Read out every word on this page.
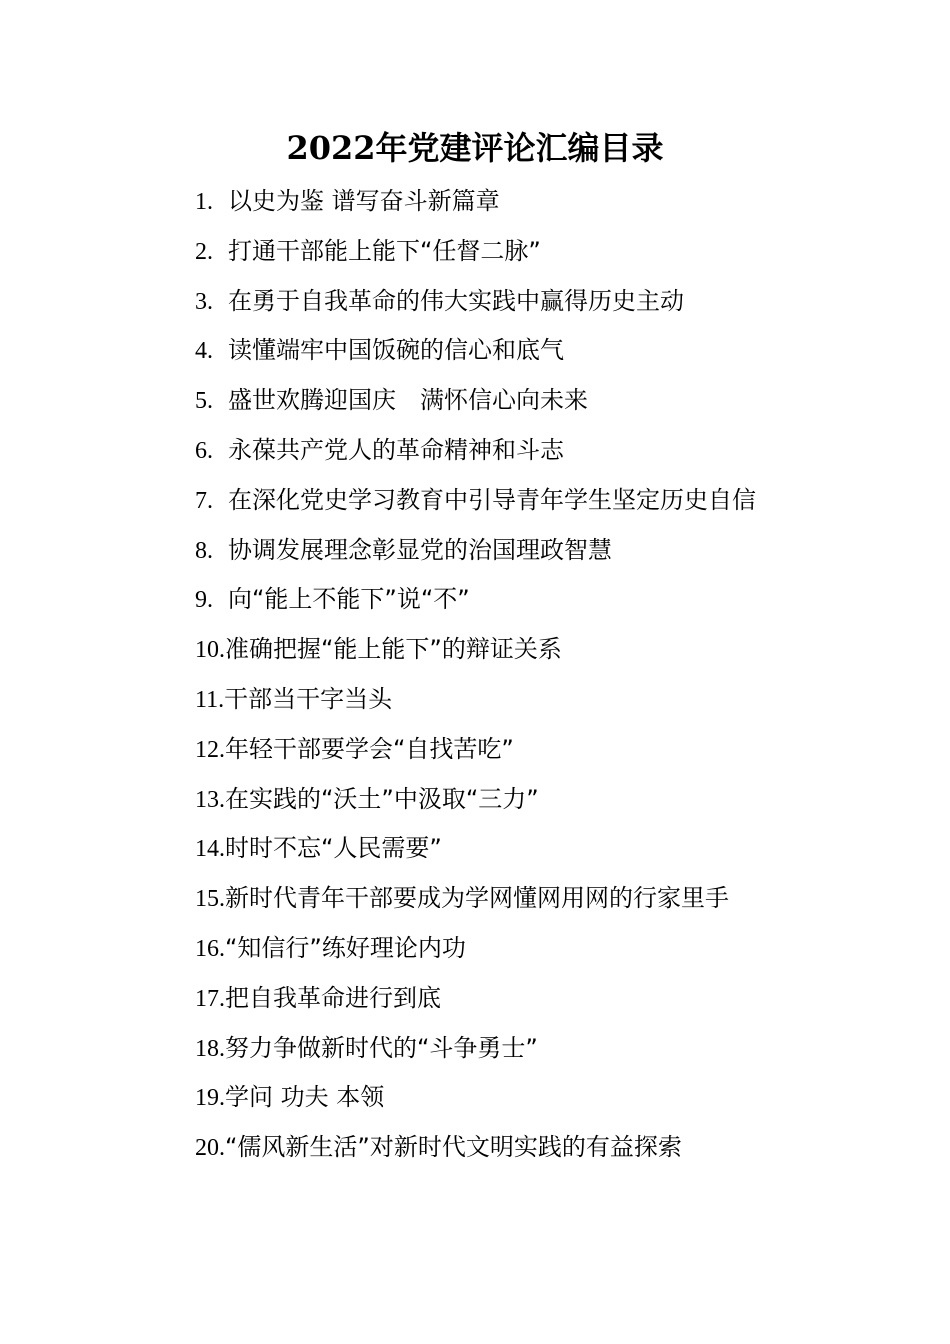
2022年党建评论汇编目录
1. 以史为鉴 谱写奋斗新篇章
2. 打通干部能上能下“任督二脉”
3. 在勇于自我革命的伟大实践中赢得历史主动
4. 读懂端牢中国饭碗的信心和底气
5. 盛世欢腾迎国庆　满怀信心向未来
6. 永葆共产党人的革命精神和斗志
7. 在深化党史学习教育中引导青年学生坚定历史自信
8. 协调发展理念彰显党的治国理政智慧
9. 向“能上不能下”说“不”
10. 准确把握“能上能下”的辩证关系
11. 干部当干字当头
12. 年轻干部要学会“自找苦吃”
13. 在实践的“沃土”中汲取“三力”
14. 时时不忘“人民需要”
15. 新时代青年干部要成为学网懂网用网的行家里手
16. “知信行”练好理论内功
17. 把自我革命进行到底
18. 努力争做新时代的“斗争勇士”
19. 学问 功夫 本领
20. “儒风新生活”对新时代文明实践的有益探索
